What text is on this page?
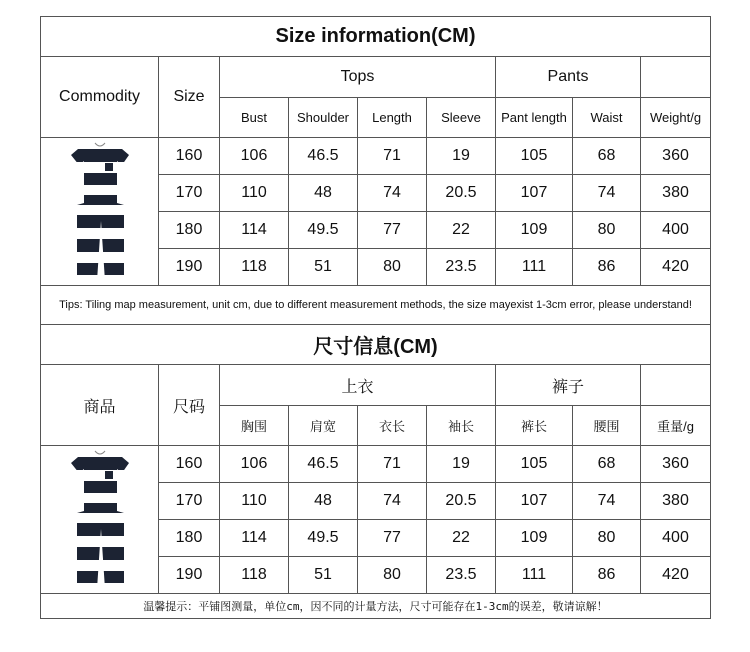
Size information(CM)								
Commodity	Size	Tops				Pants		
		Bust	Shoulder	Length	Sleeve	Pant length	Waist	Weight/g

	160	106	46.5	71	19	105	68	360
	170	110	48	74	20.5	107	74	380
	180	114	49.5	77	22	109	80	400
	190	118	51	80	23.5	111	86	420
Tips: Tiling map measurement, unit cm, due to different measurement methods, the size mayexist 1-3cm error, please understand!								
尺寸信息(CM)								
商品	尺码	上衣				裤子		
		胸围	肩宽	衣长	袖长	裤长	腰围	重量/g

	160	106	46.5	71	19	105	68	360
	170	110	48	74	20.5	107	74	380
	180	114	49.5	77	22	109	80	400
	190	118	51	80	23.5	111	86	420
温馨提示：平铺图测量，单位cm，因不同的计量方法，尺寸可能存在1-3cm的误差，敬请谅解！								
